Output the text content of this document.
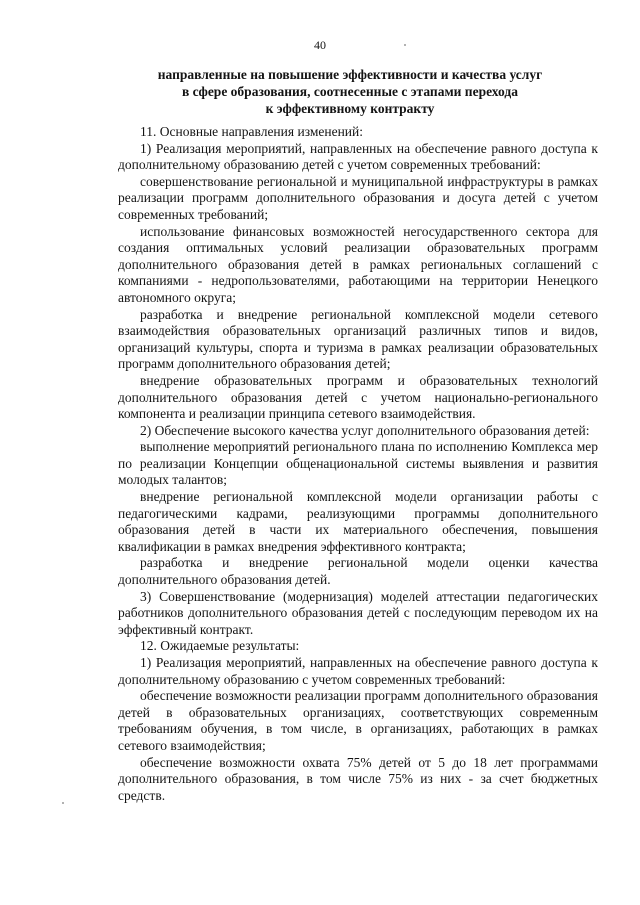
40
направленные на повышение эффективности и качества услуг
в сфере образования, соотнесенные с этапами перехода
к эффективному контракту

11. Основные направления изменений:

1) Реализация мероприятий, направленных на обеспечение равного доступа к дополнительному образованию детей с учетом современных требований:

совершенствование региональной и муниципальной инфраструктуры в рамках реализации программ дополнительного образования и досуга детей с учетом современных требований;

использование финансовых возможностей негосударственного сектора для создания оптимальных условий реализации образовательных программ дополнительного образования детей в рамках региональных соглашений с компаниями - недропользователями, работающими на территории Ненецкого автономного округа;

разработка и внедрение региональной комплексной модели сетевого взаимодействия образовательных организаций различных типов и видов, организаций культуры, спорта и туризма в рамках реализации образовательных программ дополнительного образования детей;

внедрение образовательных программ и образовательных технологий дополнительного образования детей с учетом национально-регионального компонента и реализации принципа сетевого взаимодействия.

2) Обеспечение высокого качества услуг дополнительного образования детей:

выполнение мероприятий регионального плана по исполнению Комплекса мер по реализации Концепции общенациональной системы выявления и развития молодых талантов;

внедрение региональной комплексной модели организации работы с педагогическими кадрами, реализующими программы дополнительного образования детей в части их материального обеспечения, повышения квалификации в рамках внедрения эффективного контракта;

разработка и внедрение региональной модели оценки качества дополнительного образования детей.

3) Совершенствование (модернизация) моделей аттестации педагогических работников дополнительного образования детей с последующим переводом их на эффективный контракт.

12. Ожидаемые результаты:

1) Реализация мероприятий, направленных на обеспечение равного доступа к дополнительному образованию с учетом современных требований:

обеспечение возможности реализации программ дополнительного образования детей в образовательных организациях, соответствующих современным требованиям обучения, в том числе, в организациях, работающих в рамках сетевого взаимодействия;

обеспечение возможности охвата 75% детей от 5 до 18 лет программами дополнительного образования, в том числе 75% из них - за счет бюджетных средств.
